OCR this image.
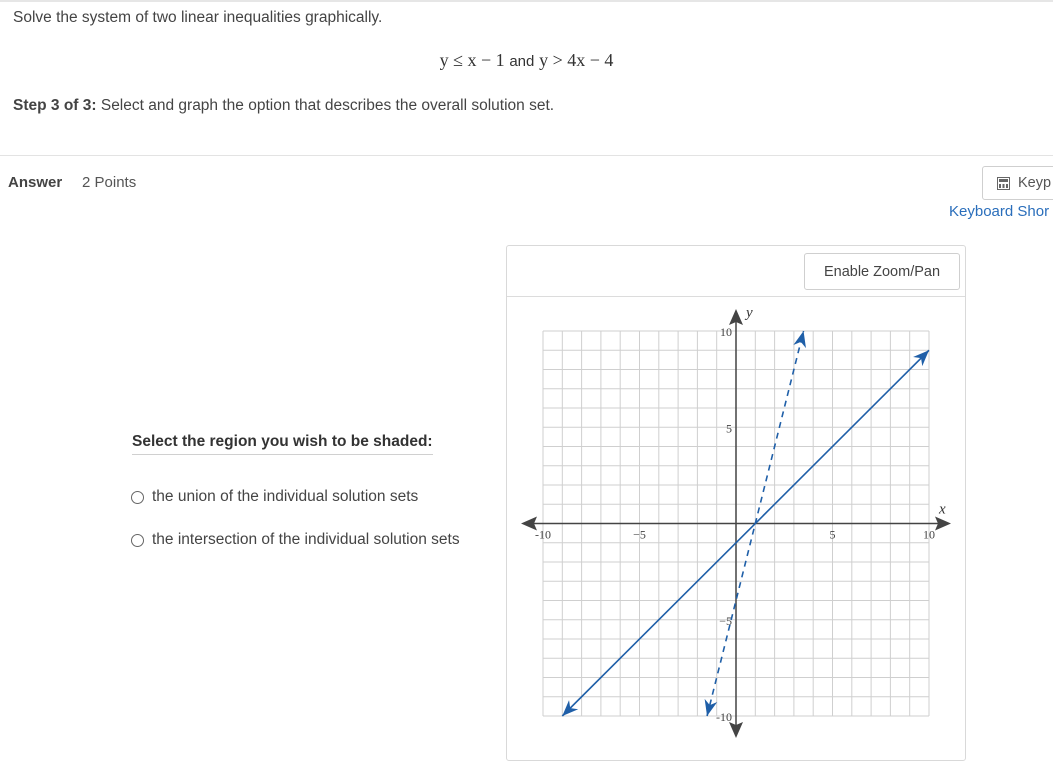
Solve the system of two linear inequalities graphically.
y ≤ x − 1 and y > 4x − 4
Step 3 of 3: Select and graph the option that describes the overall solution set.
Answer 2 Points	Keyp
Keyboard Shor
Select the region you wish to be shaded:
the union of the individual solution sets
the intersection of the individual solution sets
Enable Zoom/Pan
x
y
-10	−5	5	10
10
5
−5
-10
